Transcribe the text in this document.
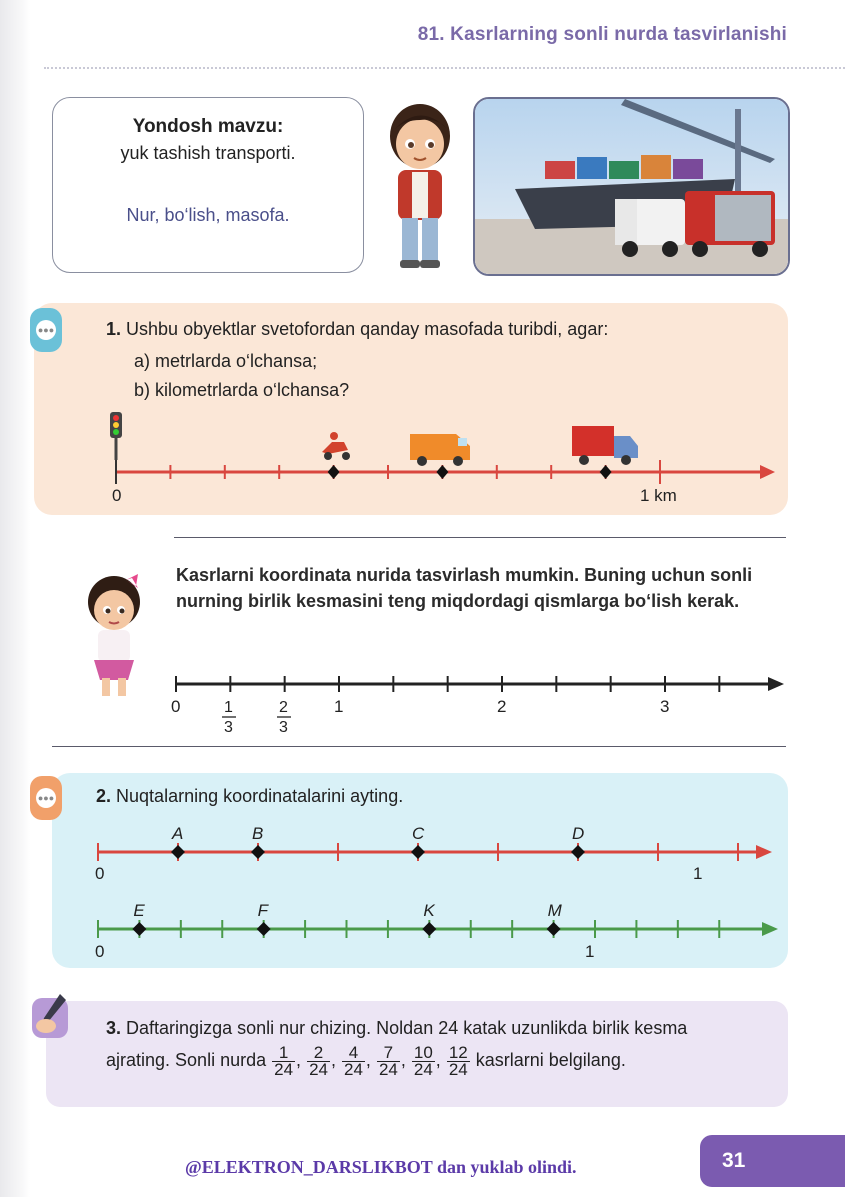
81. Kasrlarning sonli nurda tasvirlanishi
Yondosh mavzu:
yuk tashish transporti.
Nur, bo‘lish, masofa.
●●●	1. Ushbu obyektlar svetofordan qanday masofada turibdi, agar:
a) metrlarda o‘lchansa;
b) kilometrlarda o‘lchansa?
0	1 km
Kasrlarni koordinata nurida tasvirlash mumkin. Buning uchun sonli nurning birlik kesmasini teng miqdordagi qismlarga bo‘lish kerak.
0	1
3
2
3
1	2	3
●●● 2. Nuqtalarning koordinatalarini ayting.
A	B	C	D
0	1
E	F	K	M
0	1
3. Daftaringizga sonli nur chizing. Noldan 24 katak uzunlikda birlik kesma ajrating. Sonli nurda $\frac{1}{24}$ , $\frac{2}{24}$ , $\frac{4}{24}$ , $\frac{7}{24}$ , $\frac{10}{24}$ , $\frac{12}{24}$ kasrlarni belgilang.
@ELEKTRON_DARSLIKBOT dan yuklab olindi.	31
